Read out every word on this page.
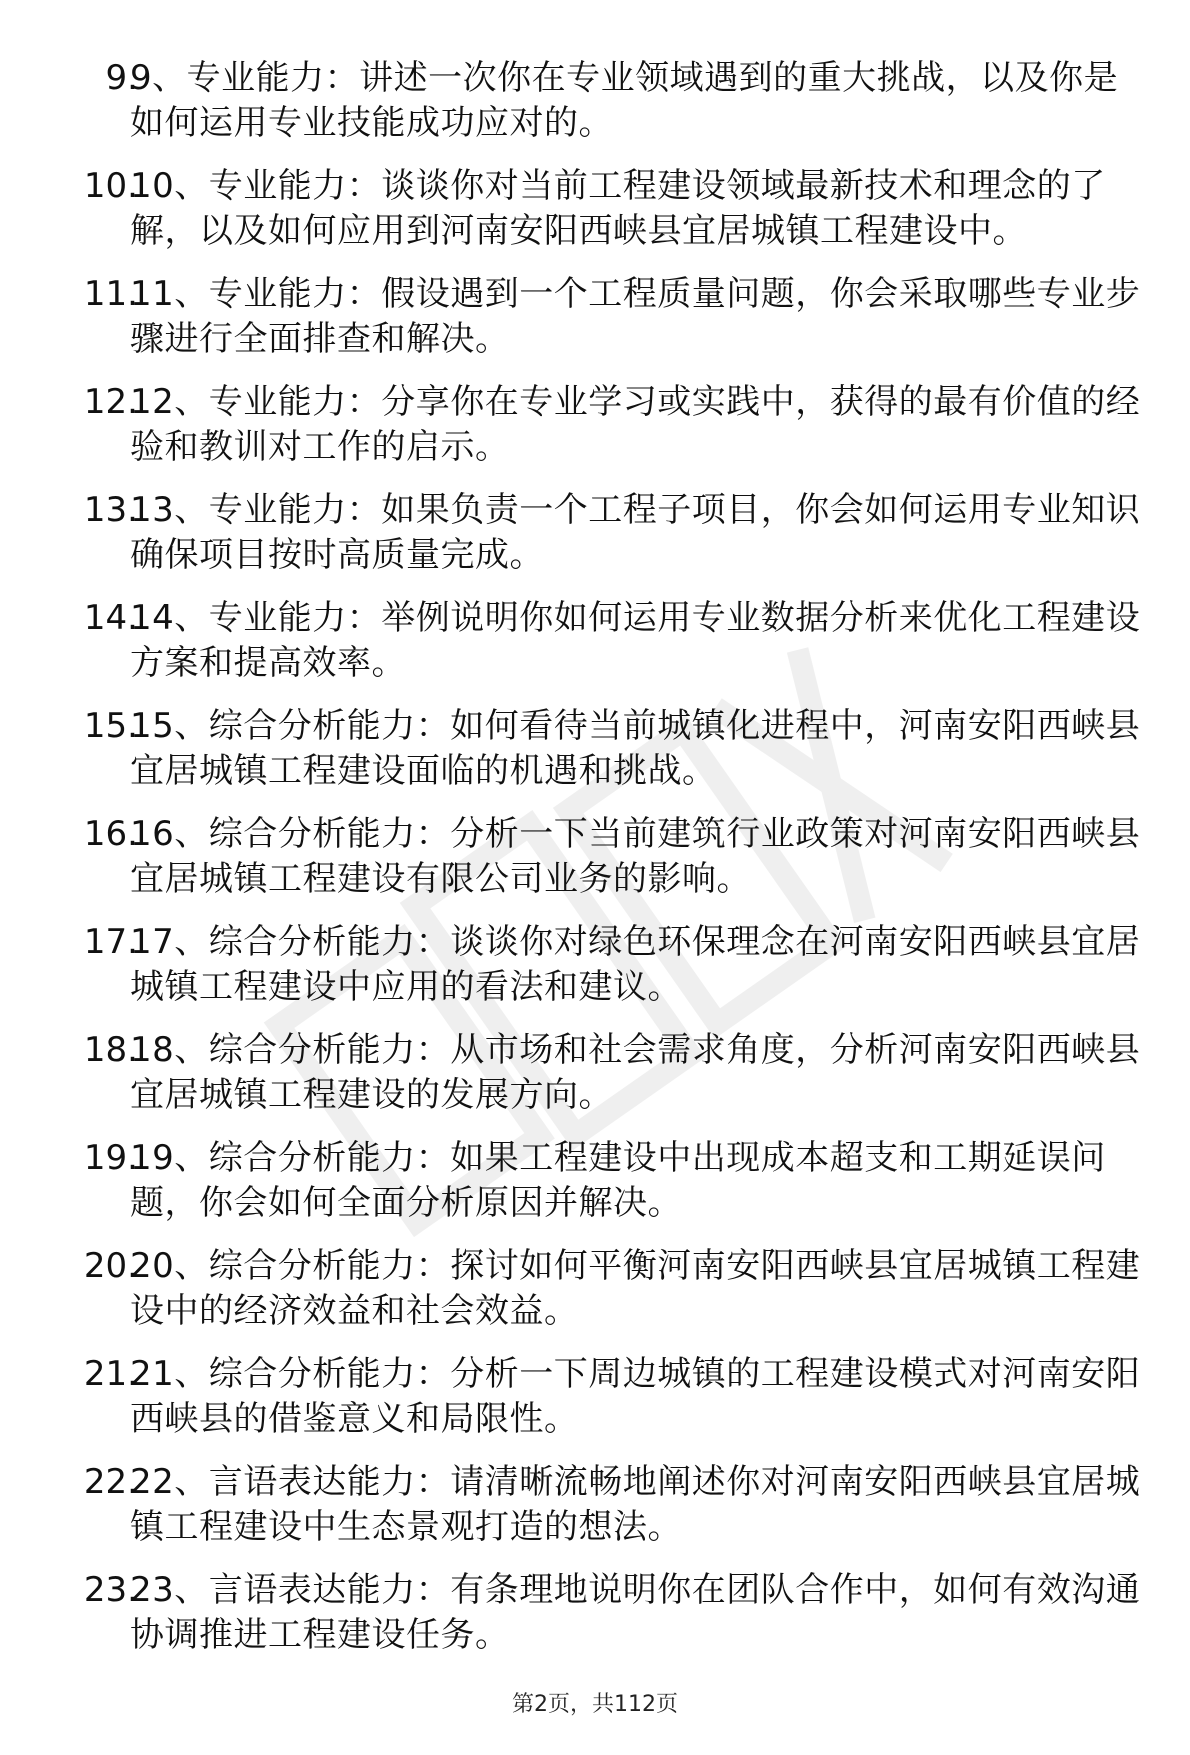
9.
9、专业能力：讲述一次你在专业领域遇到的重大挑战，以及你是如何运用专业技能成功应对的。
10.
10、专业能力：谈谈你对当前工程建设领域最新技术和理念的了解，以及如何应用到河南安阳西峡县宜居城镇工程建设中。
11.
11、专业能力：假设遇到一个工程质量问题，你会采取哪些专业步骤进行全面排查和解决。
12.
12、专业能力：分享你在专业学习或实践中，获得的最有价值的经验和教训对工作的启示。
13.
13、专业能力：如果负责一个工程子项目，你会如何运用专业知识确保项目按时高质量完成。
14.
14、专业能力：举例说明你如何运用专业数据分析来优化工程建设方案和提高效率。
15.
15、综合分析能力：如何看待当前城镇化进程中，河南安阳西峡县宜居城镇工程建设面临的机遇和挑战。
16.
16、综合分析能力：分析一下当前建筑行业政策对河南安阳西峡县宜居城镇工程建设有限公司业务的影响。
17.
17、综合分析能力：谈谈你对绿色环保理念在河南安阳西峡县宜居城镇工程建设中应用的看法和建议。
18.
18、综合分析能力：从市场和社会需求角度，分析河南安阳西峡县宜居城镇工程建设的发展方向。
19.
19、综合分析能力：如果工程建设中出现成本超支和工期延误问题，你会如何全面分析原因并解决。
20.
20、综合分析能力：探讨如何平衡河南安阳西峡县宜居城镇工程建设中的经济效益和社会效益。
21.
21、综合分析能力：分析一下周边城镇的工程建设模式对河南安阳西峡县的借鉴意义和局限性。
22.
22、言语表达能力：请清晰流畅地阐述你对河南安阳西峡县宜居城镇工程建设中生态景观打造的想法。
23.
23、言语表达能力：有条理地说明你在团队合作中，如何有效沟通协调推进工程建设任务。
第2页，共112页
